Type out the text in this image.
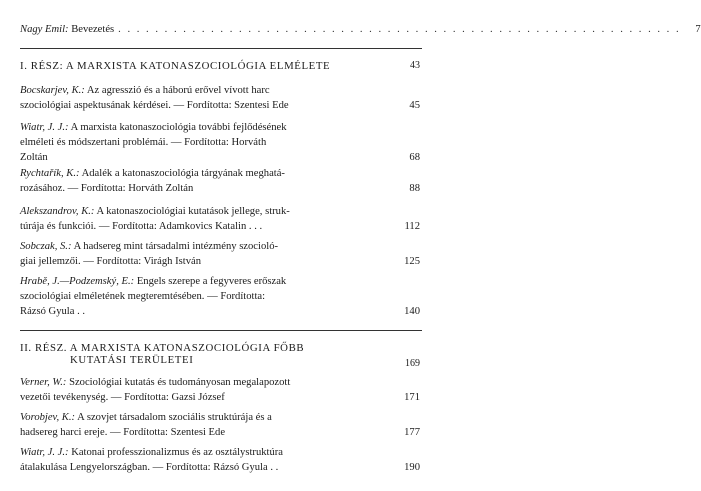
Nagy Emil: Bevezetés . . .	7
I. RÉSZ: A MARXISTA KATONASZOCIOLÓGIA ELMÉLETE	43
Bocskarjev, K.: Az agresszió és a háború erővel vívott harc
szociológiai aspektusának kérdései. — Fordította: Szentesi Ede	45
Wiatr, J. J.: A marxista katonaszociológia további fejlődésének
elméleti és módszertani problémái. — Fordította: Horváth
Zoltán	68
Rychtařík, K.: Adalék a katonaszociológia tárgyának meghatá-
rozásához. — Fordította: Horváth Zoltán	88
Alekszandrov, K.: A katonaszociológiai kutatások jellege, struk-
túrája és funkciói. — Fordította: Adamkovics Katalin . . .	112
Sobczak, S.: A hadsereg mint társadalmi intézmény szocioló-
giai jellemzői. — Fordította: Virágh István	125
Hrabě, J.—Podzemský, E.: Engels szerepe a fegyveres erőszak
szociológiai elméletének megteremtésében. — Fordította:
Rázsó Gyula . .	140
II. RÉSZ. A MARXISTA KATONASZOCIOLÓGIA FŐBB
KUTATÁSI TERÜLETEI	169
Verner, W.: Szociológiai kutatás és tudományosan megalapozott
vezetői tevékenység. — Fordította: Gazsi József	171
Vorobjev, K.: A szovjet társadalom szociális struktúrája és a
hadsereg harci ereje. — Fordította: Szentesi Ede	177
Wiatr, J. J.: Katonai professzionalizmus és az osztálystruktúra
átalakulása Lengyelországban. — Fordította: Rázsó Gyula . .	190
